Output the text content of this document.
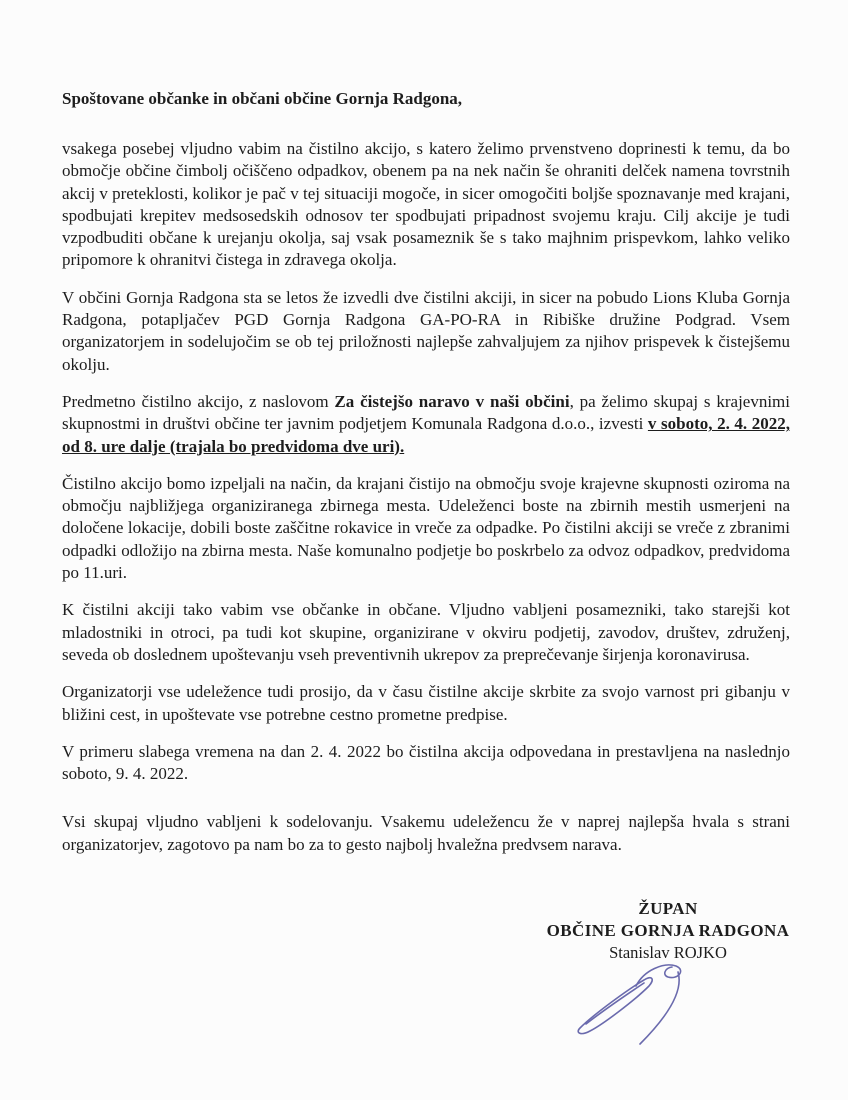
Spoštovane občanke in občani občine Gornja Radgona,

vsakega posebej vljudno vabim na čistilno akcijo, s katero želimo prvenstveno doprinesti k temu, da bo območje občine čimbolj očiščeno odpadkov, obenem pa na nek način še ohraniti delček namena tovrstnih akcij v preteklosti, kolikor je pač v tej situaciji mogoče, in sicer omogočiti boljše spoznavanje med krajani, spodbujati krepitev medsosedskih odnosov ter spodbujati pripadnost svojemu kraju. Cilj akcije je tudi vzpodbuditi občane k urejanju okolja, saj vsak posameznik še s tako majhnim prispevkom, lahko veliko pripomore k ohranitvi čistega in zdravega okolja.

V občini Gornja Radgona sta se letos že izvedli dve čistilni akciji, in sicer na pobudo Lions Kluba Gornja Radgona, potapljačev PGD Gornja Radgona GA-PO-RA in Ribiške družine Podgrad. Vsem organizatorjem in sodelujočim se ob tej priložnosti najlepše zahvaljujem za njihov prispevek k čistejšemu okolju.

Predmetno čistilno akcijo, z naslovom Za čistejšo naravo v naši občini, pa želimo skupaj s krajevnimi skupnostmi in društvi občine ter javnim podjetjem Komunala Radgona d.o.o., izvesti v soboto, 2. 4. 2022, od 8. ure dalje (trajala bo predvidoma dve uri).

Čistilno akcijo bomo izpeljali na način, da krajani čistijo na območju svoje krajevne skupnosti oziroma na območju najbližjega organiziranega zbirnega mesta. Udeleženci boste na zbirnih mestih usmerjeni na določene lokacije, dobili boste zaščitne rokavice in vreče za odpadke. Po čistilni akciji se vreče z zbranimi odpadki odložijo na zbirna mesta. Naše komunalno podjetje bo poskrbelo za odvoz odpadkov, predvidoma po 11.uri.

K čistilni akciji tako vabim vse občanke in občane. Vljudno vabljeni posamezniki, tako starejši kot mladostniki in otroci, pa tudi kot skupine, organizirane v okviru podjetij, zavodov, društev, združenj, seveda ob doslednem upoštevanju vseh preventivnih ukrepov za preprečevanje širjenja koronavirusa.

Organizatorji vse udeležence tudi prosijo, da v času čistilne akcije skrbite za svojo varnost pri gibanju v bližini cest, in upoštevate vse potrebne cestno prometne predpise.

V primeru slabega vremena na dan 2. 4. 2022 bo čistilna akcija odpovedana in prestavljena na naslednjo soboto, 9. 4. 2022.

Vsi skupaj vljudno vabljeni k sodelovanju. Vsakemu udeležencu že v naprej najlepša hvala s strani organizatorjev, zagotovo pa nam bo za to gesto najbolj hvaležna predvsem narava.

ŽUPAN
OBČINE GORNJA RADGONA
Stanislav ROJKO
